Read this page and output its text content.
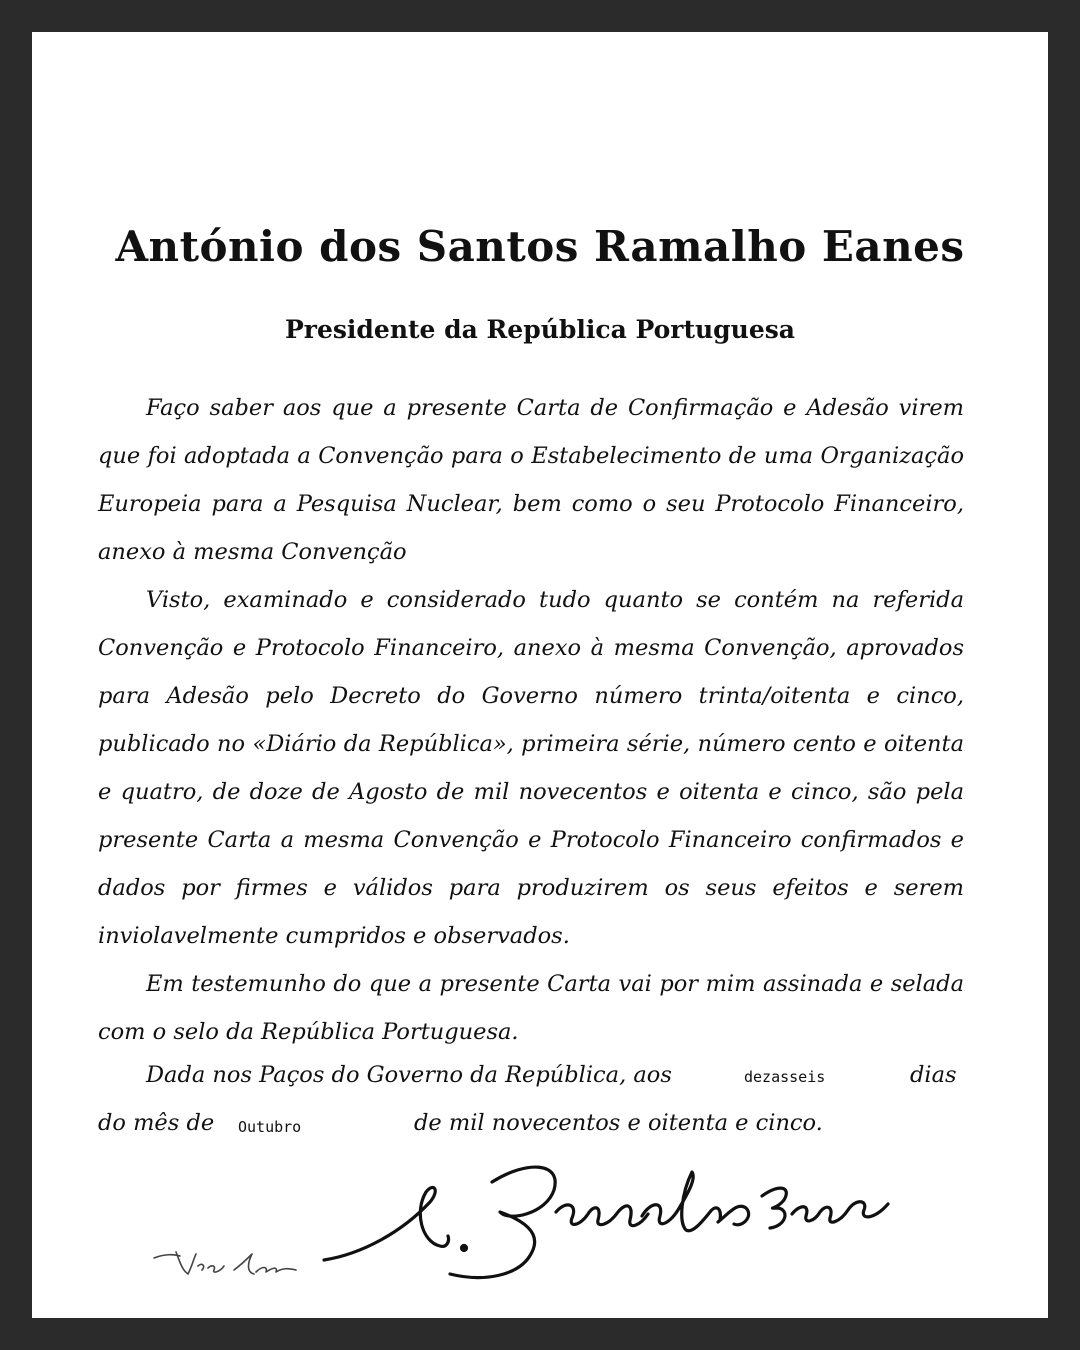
António dos Santos Ramalho Eanes
Presidente da República Portuguesa

Faço saber aos que a presente Carta de Confirmação e Adesão virem que foi adoptada a Convenção para o Estabelecimento de uma Organização Europeia para a Pesquisa Nuclear, bem como o seu Protocolo Financeiro, anexo à mesma Convenção

Visto, examinado e considerado tudo quanto se contém na referida Convenção e Protocolo Financeiro, anexo à mesma Convenção, aprovados para Adesão pelo Decreto do Governo número trinta/oitenta e cinco, publicado no «Diário da República», primeira série, número cento e oitenta e quatro, de doze de Agosto de mil novecentos e oitenta e cinco, são pela presente Carta a mesma Convenção e Protocolo Financeiro confirmados e dados por firmes e válidos para produzirem os seus efeitos e serem inviolavelmente cumpridos e observados.

Em testemunho do que a presente Carta vai por mim assinada e selada com o selo da República Portuguesa.

Dada nos Paços do Governo da República, aos	dezasseis	dias
do mês de Outubro	de mil novecentos e oitenta e cinco.
